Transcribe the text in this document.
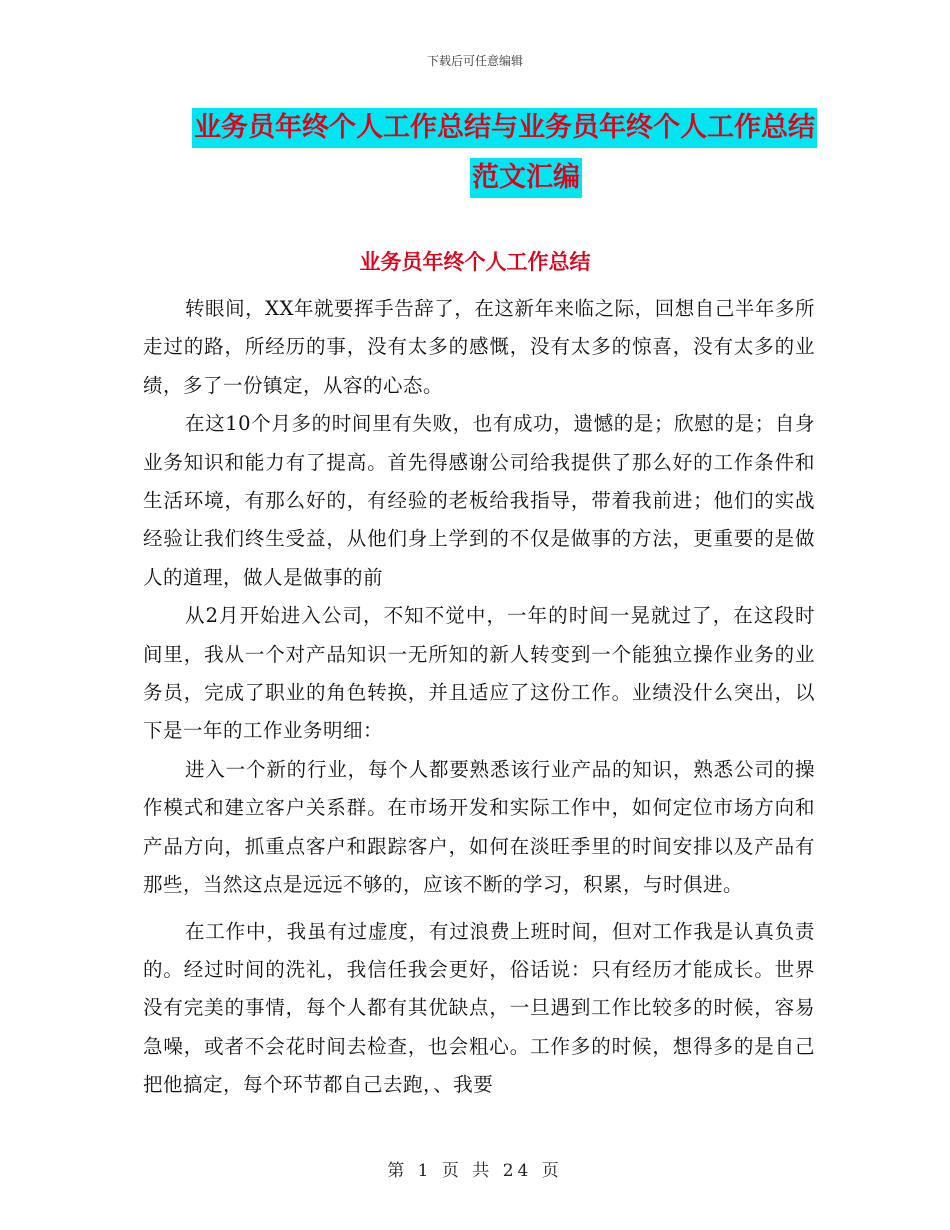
下载后可任意编辑
业务员年终个人工作总结与业务员年终个人工作总结
范文汇编
业务员年终个人工作总结

转眼间，XX年就要挥手告辞了，在这新年来临之际，回想自己半年多所走过的路，所经历的事，没有太多的感慨，没有太多的惊喜，没有太多的业绩，多了一份镇定，从容的心态。

在这10个月多的时间里有失败，也有成功，遗憾的是；欣慰的是；自身业务知识和能力有了提高。首先得感谢公司给我提供了那么好的工作条件和生活环境，有那么好的，有经验的老板给我指导，带着我前进；他们的实战经验让我们终生受益，从他们身上学到的不仅是做事的方法，更重要的是做人的道理，做人是做事的前

从2月开始进入公司，不知不觉中，一年的时间一晃就过了，在这段时间里，我从一个对产品知识一无所知的新人转变到一个能独立操作业务的业务员，完成了职业的角色转换，并且适应了这份工作。业绩没什么突出，以下是一年的工作业务明细：

进入一个新的行业，每个人都要熟悉该行业产品的知识，熟悉公司的操作模式和建立客户关系群。在市场开发和实际工作中，如何定位市场方向和产品方向，抓重点客户和跟踪客户，如何在淡旺季里的时间安排以及产品有那些，当然这点是远远不够的，应该不断的学习，积累，与时俱进。

在工作中，我虽有过虚度，有过浪费上班时间，但对工作我是认真负责的。经过时间的洗礼，我信任我会更好，俗话说：只有经历才能成长。世界没有完美的事情，每个人都有其优缺点，一旦遇到工作比较多的时候，容易急噪，或者不会花时间去检查，也会粗心。工作多的时候，想得多的是自己把他搞定，每个环节都自己去跑，、我要

第 1 页 共 24 页
